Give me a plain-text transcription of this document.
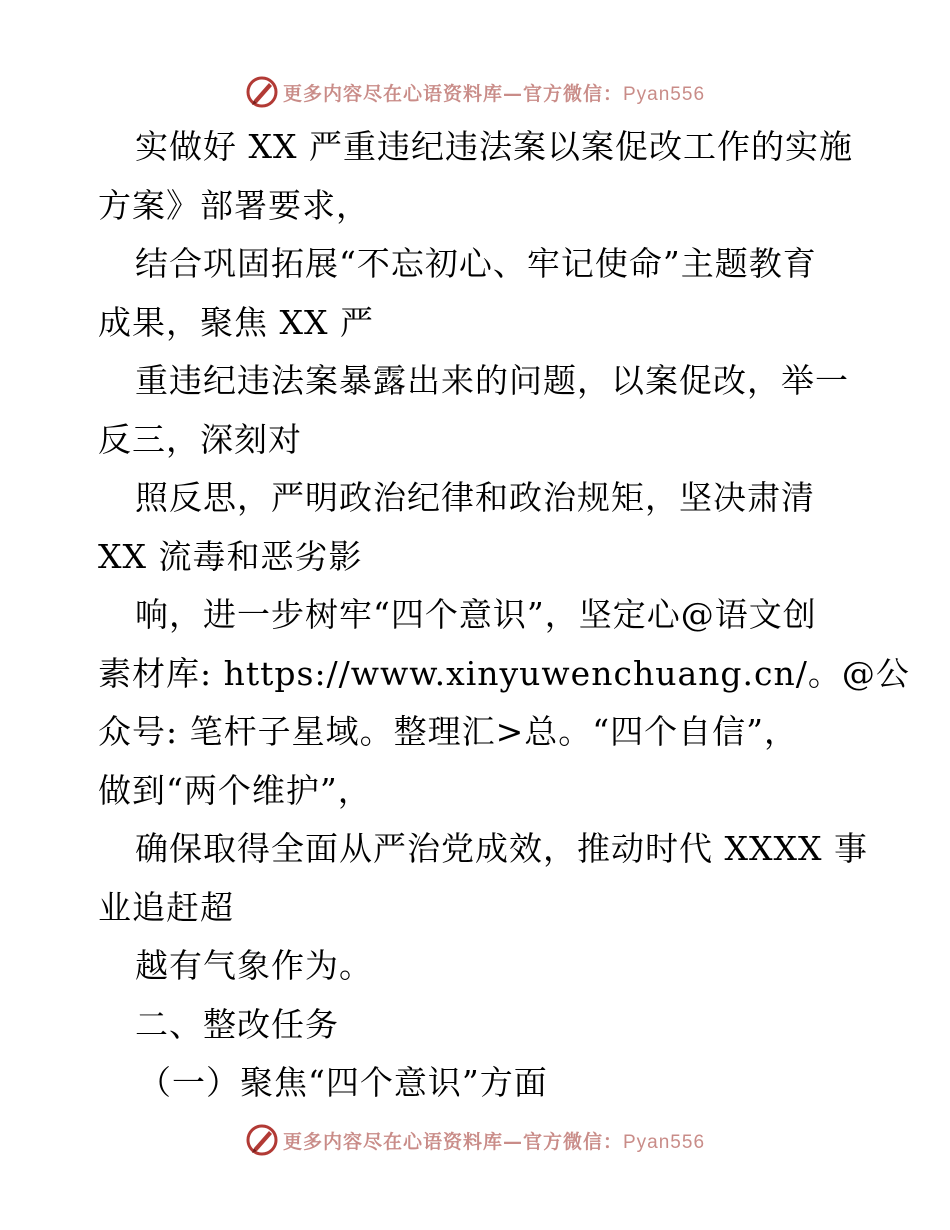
更多内容尽在心语资料库—官方微信：Pyan556
实做好 XX 严重违纪违法案以案促改工作的实施
方案》部署要求，
结合巩固拓展“不忘初心、牢记使命”主题教育
成果，聚焦 XX 严
重违纪违法案暴露出来的问题，以案促改，举一
反三，深刻对
照反思，严明政治纪律和政治规矩，坚决肃清
XX 流毒和恶劣影
响，进一步树牢“四个意识”，坚定心@语文创
素材库: https://www.xinyuwenchuang.cn/。@公
众号: 笔杆子星域。整理汇>总。“四个自信”，
做到“两个维护”，
确保取得全面从严治党成效，推动时代 XXXX 事
业追赶超
越有气象作为。
二、整改任务
（一）聚焦“四个意识”方面
更多内容尽在心语资料库—官方微信：Pyan556
